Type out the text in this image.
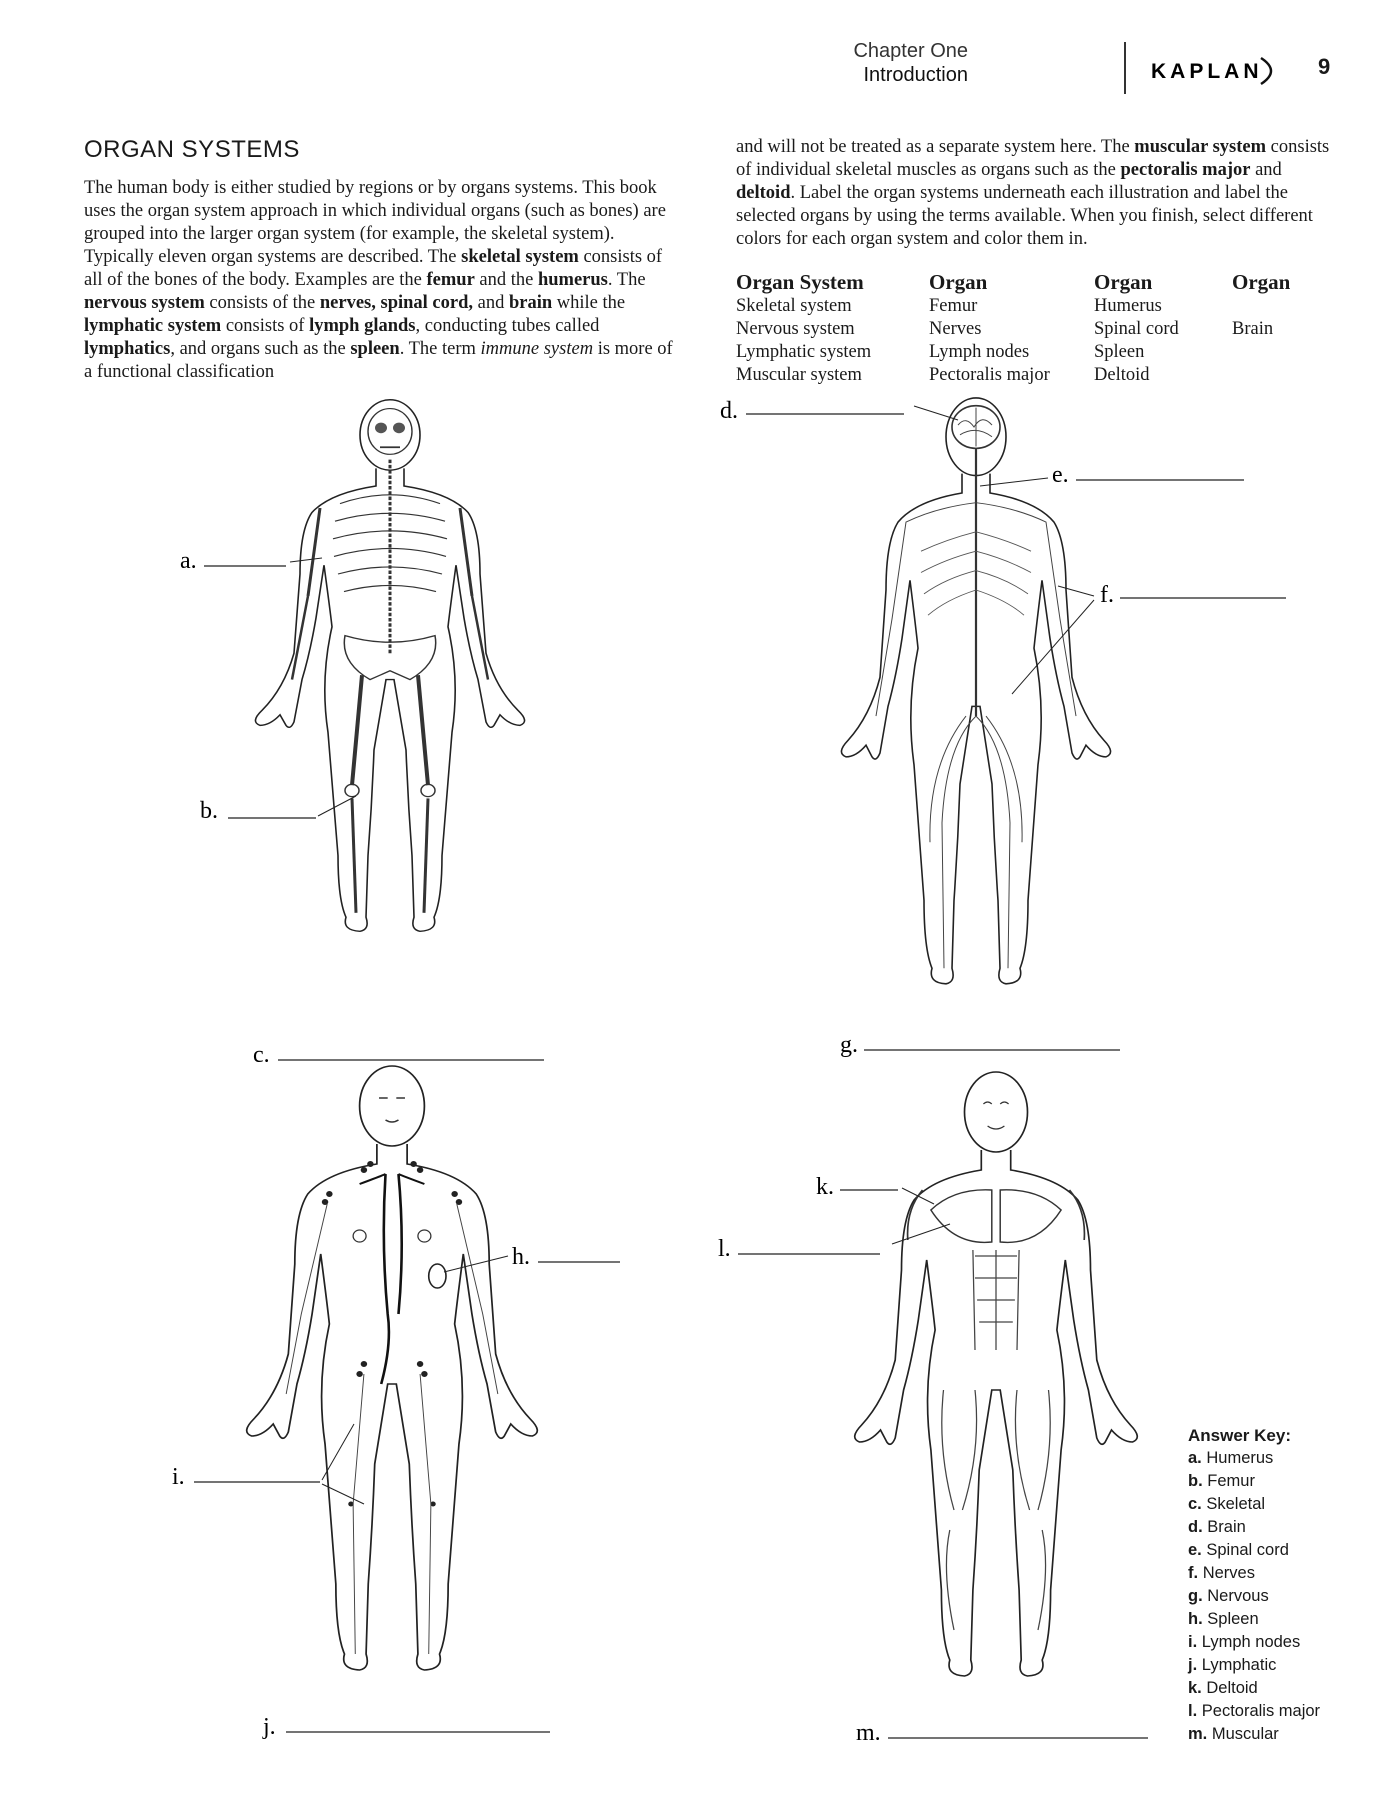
Chapter One
Introduction	KAPLAN	9
ORGAN SYSTEMS
The human body is either studied by regions or by organs systems. This book uses the organ system approach in which individual organs (such as bones) are grouped into the larger organ system (for example, the skeletal system). Typically eleven organ systems are described. The skeletal system consists of all of the bones of the body. Examples are the femur and the humerus. The nervous system consists of the nerves, spinal cord, and brain while the lymphatic system consists of lymph glands, conducting tubes called lymphatics, and organs such as the spleen. The term immune system is more of a functional classification
and will not be treated as a separate system here. The muscular system consists of individual skeletal muscles as organs such as the pectoralis major and deltoid. Label the organ systems underneath each illustration and label the selected organs by using the terms available. When you finish, select different colors for each organ system and color them in.
Organ System	Organ	Organ	Organ
Skeletal system	Femur	Humerus	
Nervous system	Nerves	Spinal cord	Brain
Lymphatic system	Lymph nodes	Spleen	
Muscular system	Pectoralis major	Deltoid	
a.
b.
c.
d.
e.
f.
g.
h.
i.
j.
k.
l.
m.
Answer Key:
a. Humerus
b. Femur
c. Skeletal
d. Brain
e. Spinal cord
f. Nerves
g. Nervous
h. Spleen
i. Lymph nodes
j. Lymphatic
k. Deltoid
l. Pectoralis major
m. Muscular
